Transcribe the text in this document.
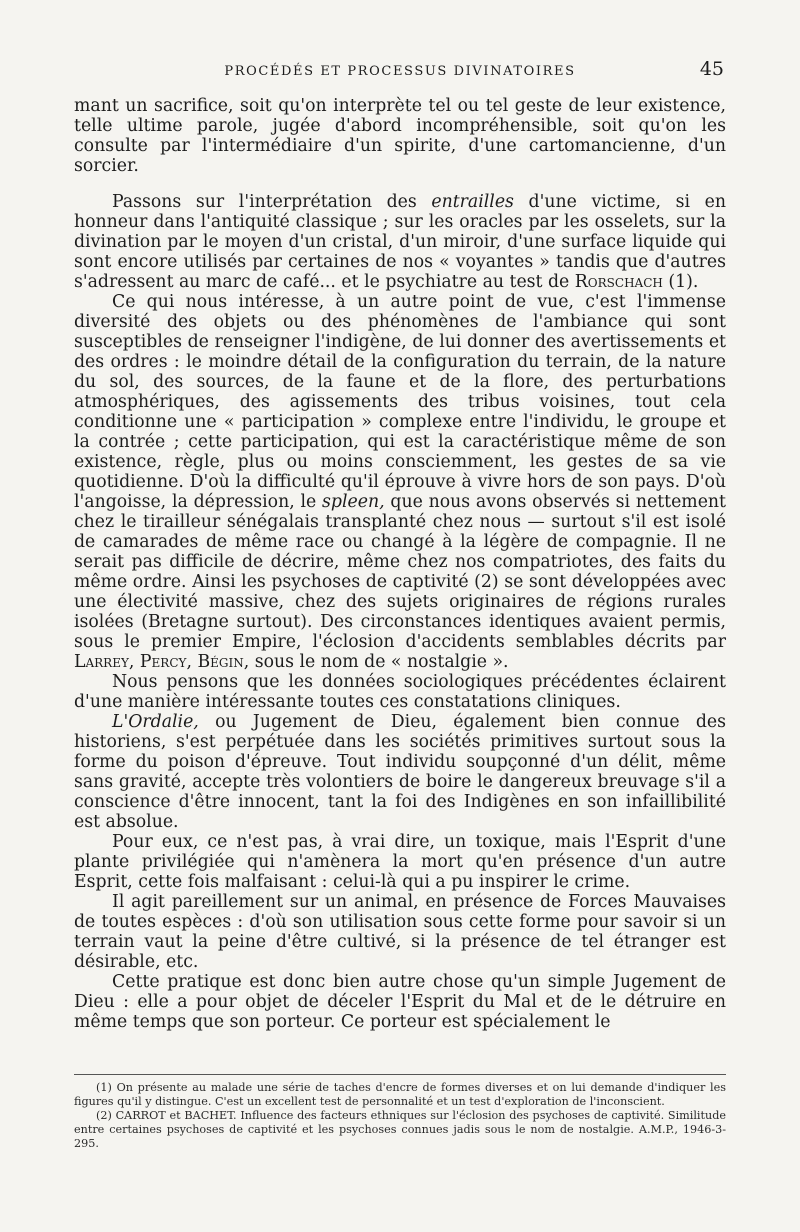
PROCÉDÉS ET PROCESSUS DIVINATOIRES	45

mant un sacrifice, soit qu'on interprète tel ou tel geste de leur existence, telle ultime parole, jugée d'abord incompréhensible, soit qu'on les consulte par l'intermédiaire d'un spirite, d'une cartomancienne, d'un sorcier.

Passons sur l'interprétation des entrailles d'une victime, si en honneur dans l'antiquité classique ; sur les oracles par les osselets, sur la divination par le moyen d'un cristal, d'un miroir, d'une surface liquide qui sont encore utilisés par certaines de nos « voyantes » tandis que d'autres s'adressent au marc de café... et le psychiatre au test de Rorschach (1).

Ce qui nous intéresse, à un autre point de vue, c'est l'immense diversité des objets ou des phénomènes de l'ambiance qui sont susceptibles de renseigner l'indigène, de lui donner des avertissements et des ordres : le moindre détail de la configuration du terrain, de la nature du sol, des sources, de la faune et de la flore, des perturbations atmosphériques, des agissements des tribus voisines, tout cela conditionne une « participation » complexe entre l'individu, le groupe et la contrée ; cette participation, qui est la caractéristique même de son existence, règle, plus ou moins consciemment, les gestes de sa vie quotidienne. D'où la difficulté qu'il éprouve à vivre hors de son pays. D'où l'angoisse, la dépression, le spleen, que nous avons observés si nettement chez le tirailleur sénégalais transplanté chez nous — surtout s'il est isolé de camarades de même race ou changé à la légère de compagnie. Il ne serait pas difficile de décrire, même chez nos compatriotes, des faits du même ordre. Ainsi les psychoses de captivité (2) se sont développées avec une électivité massive, chez des sujets originaires de régions rurales isolées (Bretagne surtout). Des circonstances identiques avaient permis, sous le premier Empire, l'éclosion d'accidents semblables décrits par Larrey, Percy, Bégin, sous le nom de « nostalgie ».

Nous pensons que les données sociologiques précédentes éclairent d'une manière intéressante toutes ces constatations cliniques.

L'Ordalie, ou Jugement de Dieu, également bien connue des historiens, s'est perpétuée dans les sociétés primitives surtout sous la forme du poison d'épreuve. Tout individu soupçonné d'un délit, même sans gravité, accepte très volontiers de boire le dangereux breuvage s'il a conscience d'être innocent, tant la foi des Indigènes en son infaillibilité est absolue.

Pour eux, ce n'est pas, à vrai dire, un toxique, mais l'Esprit d'une plante privilégiée qui n'amènera la mort qu'en présence d'un autre Esprit, cette fois malfaisant : celui-là qui a pu inspirer le crime.

Il agit pareillement sur un animal, en présence de Forces Mauvaises de toutes espèces : d'où son utilisation sous cette forme pour savoir si un terrain vaut la peine d'être cultivé, si la présence de tel étranger est désirable, etc.

Cette pratique est donc bien autre chose qu'un simple Jugement de Dieu : elle a pour objet de déceler l'Esprit du Mal et de le détruire en même temps que son porteur. Ce porteur est spécialement le

(1) On présente au malade une série de taches d'encre de formes diverses et on lui demande d'indiquer les figures qu'il y distingue. C'est un excellent test de personnalité et un test d'exploration de l'inconscient.

(2) CARROT et BACHET. Influence des facteurs ethniques sur l'éclosion des psychoses de captivité. Similitude entre certaines psychoses de captivité et les psychoses connues jadis sous le nom de nostalgie. A.M.P., 1946-3-295.
